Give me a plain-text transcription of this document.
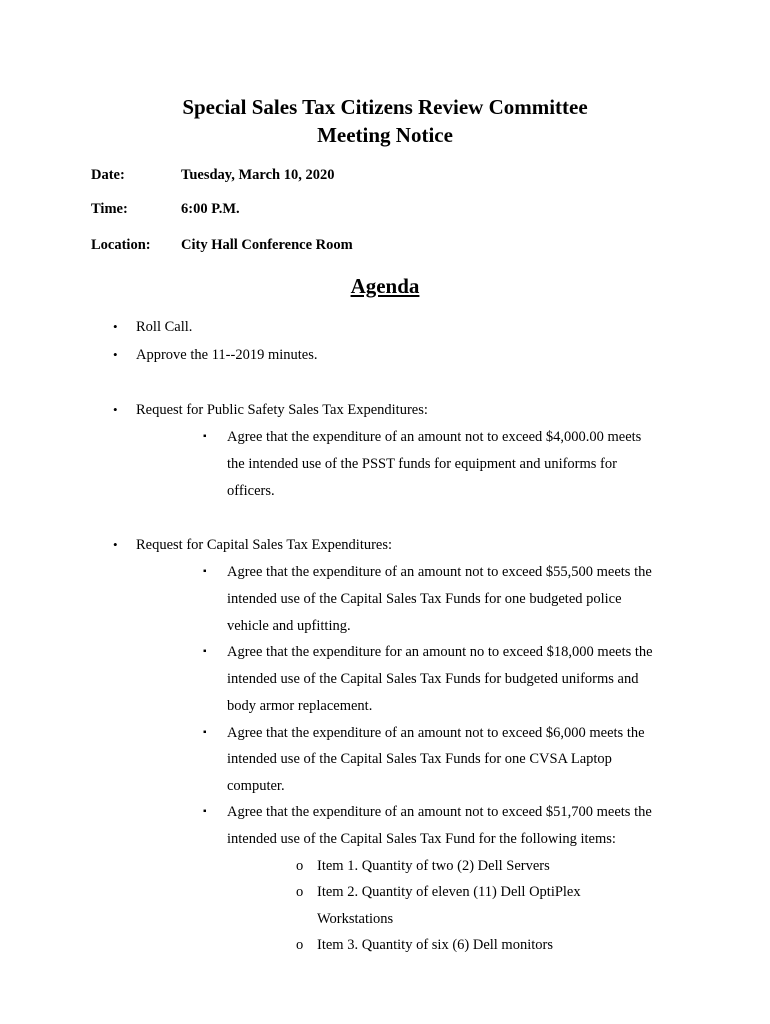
Special Sales Tax Citizens Review Committee
Meeting Notice
Date:	Tuesday, March 10, 2020
Time:	6:00 P.M.
Location: City Hall Conference Room
Agenda
• Roll Call.
• Approve the 11--2019 minutes.
• Request for Public Safety Sales Tax Expenditures:
▪ Agree that the expenditure of an amount not to exceed $4,000.00 meets
the intended use of the PSST funds for equipment and uniforms for
officers.
• Request for Capital Sales Tax Expenditures:
▪ Agree that the expenditure of an amount not to exceed $55,500 meets the
intended use of the Capital Sales Tax Funds for one budgeted police
vehicle and upfitting.
▪ Agree that the expenditure for an amount no to exceed $18,000 meets the
intended use of the Capital Sales Tax Funds for budgeted uniforms and
body armor replacement.
▪ Agree that the expenditure of an amount not to exceed $6,000 meets the
intended use of the Capital Sales Tax Funds for one CVSA Laptop
computer.
▪ Agree that the expenditure of an amount not to exceed $51,700 meets the
intended use of the Capital Sales Tax Fund for the following items:
o Item 1. Quantity of two (2) Dell Servers
o Item 2. Quantity of eleven (11) Dell OptiPlex
Workstations
o Item 3. Quantity of six (6) Dell monitors
